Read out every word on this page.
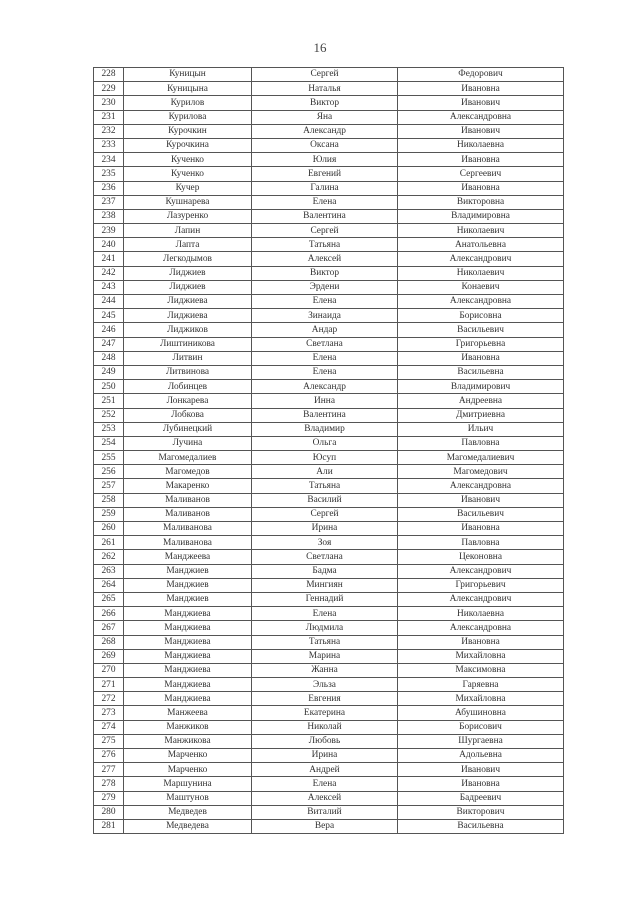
16
228	Куницын	Сергей	Федорович
229	Куницына	Наталья	Ивановна
230	Курилов	Виктор	Иванович
231	Курилова	Яна	Александровна
232	Курочкин	Александр	Иванович
233	Курочкина	Оксана	Николаевна
234	Кученко	Юлия	Ивановна
235	Кученко	Евгений	Сергеевич
236	Кучер	Галина	Ивановна
237	Кушнарева	Елена	Викторовна
238	Лазуренко	Валентина	Владимировна
239	Лапин	Сергей	Николаевич
240	Лапта	Татьяна	Анатольевна
241	Легкодымов	Алексей	Александрович
242	Лиджиев	Виктор	Николаевич
243	Лиджиев	Эрдени	Конаевич
244	Лиджиева	Елена	Александровна
245	Лиджиева	Зинаида	Борисовна
246	Лиджиков	Андар	Васильевич
247	Лиштиникова	Светлана	Григорьевна
248	Литвин	Елена	Ивановна
249	Литвинова	Елена	Васильевна
250	Лобинцев	Александр	Владимирович
251	Лонкарева	Инна	Андреевна
252	Лобкова	Валентина	Дмитриевна
253	Лубинецкий	Владимир	Ильич
254	Лучина	Ольга	Павловна
255	Магомедалиев	Юсуп	Магомедалиевич
256	Магомедов	Али	Магомедович
257	Макаренко	Татьяна	Александровна
258	Маливанов	Василий	Иванович
259	Маливанов	Сергей	Васильевич
260	Маливанова	Ирина	Ивановна
261	Маливанова	Зоя	Павловна
262	Манджеева	Светлана	Цеконовна
263	Манджиев	Бадма	Александрович
264	Манджиев	Мингиян	Григорьевич
265	Манджиев	Геннадий	Александрович
266	Манджиева	Елена	Николаевна
267	Манджиева	Людмила	Александровна
268	Манджиева	Татьяна	Ивановна
269	Манджиева	Марина	Михайловна
270	Манджиева	Жанна	Максимовна
271	Манджиева	Эльза	Гаряевна
272	Манджиева	Евгения	Михайловна
273	Манжеева	Екатерина	Абушиновна
274	Манжиков	Николай	Борисович
275	Манжикова	Любовь	Шургаевна
276	Марченко	Ирина	Адольевна
277	Марченко	Андрей	Иванович
278	Маршунина	Елена	Ивановна
279	Маштунов	Алексей	Бадреевич
280	Медведев	Виталий	Викторович
281	Медведева	Вера	Васильевна
